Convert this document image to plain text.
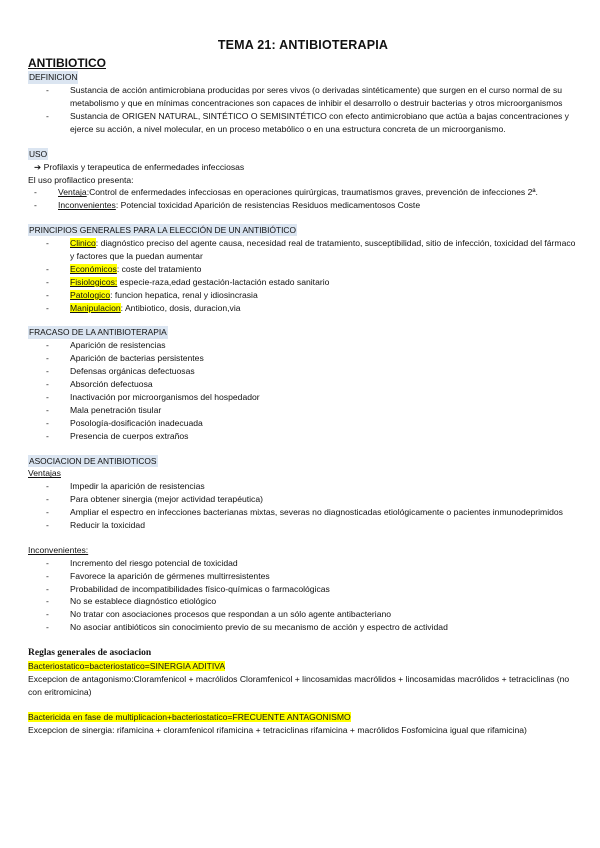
TEMA 21: ANTIBIOTERAPIA

ANTIBIOTICO

DEFINICION
- Sustancia de acción antimicrobiana producidas por seres vivos (o derivadas sintéticamente) que surgen en el curso normal de su metabolismo y que en mínimas concentraciones son capaces de inhibir el desarrollo o destruir bacterias y otros microorganismos
- Sustancia de ORIGEN NATURAL, SINTÉTICO O SEMISINTÉTICO con efecto antimicrobiano que actúa a bajas concentraciones y ejerce su acción, a nivel molecular, en un proceso metabólico o en una estructura concreta de un microorganismo.
USO

➔ Profilaxis y terapeutica de enfermedades infecciosas

El uso profilactico presenta:

- Ventaja:Control de enfermedades infecciosas en operaciones quirúrgicas, traumatismos graves, prevención de infecciones 2ª.
- Inconvenientes: Potencial toxicidad Aparición de resistencias Residuos medicamentosos Coste
PRINCIPIOS GENERALES PARA LA ELECCIÓN DE UN ANTIBIÓTICO
- Clinico: diagnóstico preciso del agente causa, necesidad real de tratamiento, susceptibilidad, sitio de infección, toxicidad del fármaco y factores que la puedan aumentar
- Económicos: coste del tratamiento
- Fisiologicos: especie-raza,edad gestación-lactación estado sanitario
- Patologico: funcion hepatica, renal y idiosincrasia
- Manipulacion: Antibiotico, dosis, duracion,via
FRACASO DE LA ANTIBIOTERAPIA
- Aparición de resistencias
- Aparición de bacterias persistentes
- Defensas orgánicas defectuosas
- Absorción defectuosa
- Inactivación por microorganismos del hospedador
- Mala penetración tisular
- Posología-dosificación inadecuada
- Presencia de cuerpos extraños
ASOCIACION DE ANTIBIOTICOS

Ventajas

- Impedir la aparición de resistencias
- Para obtener sinergia (mejor actividad terapéutica)
- Ampliar el espectro en infecciones bacterianas mixtas, severas no diagnosticadas etiológicamente o pacientes inmunodeprimidos
- Reducir la toxicidad

Inconvenientes:

- Incremento del riesgo potencial de toxicidad
- Favorece la aparición de gérmenes multirresistentes
- Probabilidad de incompatibilidades físico-químicas o farmacológicas
- No se establece diagnóstico etiológico
- No tratar con asociaciones procesos que respondan a un sólo agente antibacteriano
- No asociar antibióticos sin conocimiento previo de su mecanismo de acción y espectro de actividad

Reglas generales de asociacion

Bacteriostatico=bacteriostatico=SINERGIA ADITIVA

Excepcion de antagonismo:Cloramfenicol + macrólidos Cloramfenicol + lincosamidas macrólidos + lincosamidas macrólidos + tetraciclinas (no con eritromicina)

Bactericida en fase de multiplicacion+bacteriostatico=FRECUENTE ANTAGONISMO

Excepcion de sinergia: rifamicina + cloramfenicol rifamicina + tetraciclinas rifamicina + macrólidos Fosfomicina igual que rifamicina)
